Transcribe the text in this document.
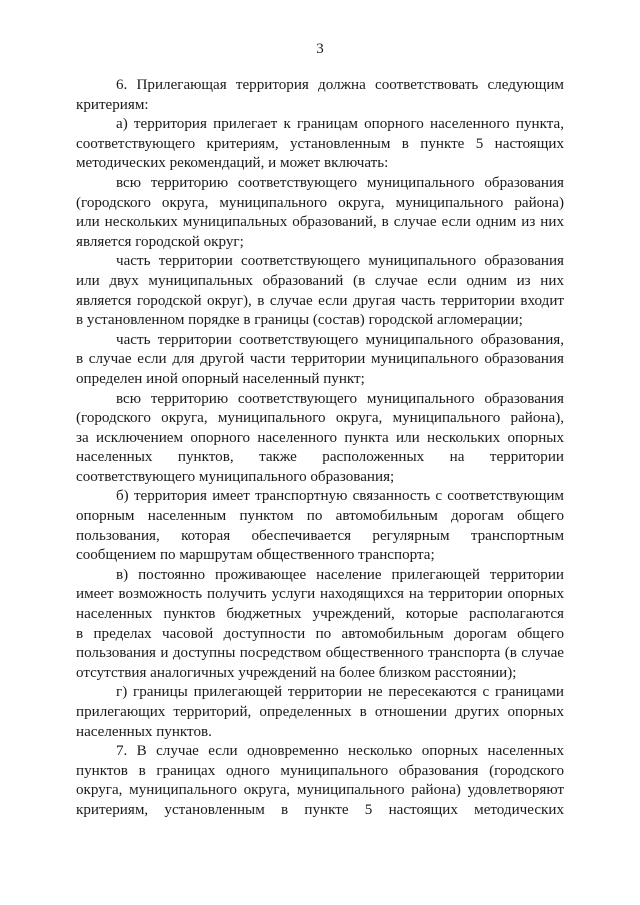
3
6. Прилегающая территория должна соответствовать следующим
критериям:
а) территория прилегает к границам опорного населенного пункта,
соответствующего критериям, установленным в пункте 5 настоящих
методических рекомендаций, и может включать:
всю территорию соответствующего муниципального образования
(городского округа, муниципального округа, муниципального района)
или нескольких муниципальных образований, в случае если одним из них
является городской округ;
часть территории соответствующего муниципального образования
или двух муниципальных образований (в случае если одним из них
является городской округ), в случае если другая часть территории входит
в установленном порядке в границы (состав) городской агломерации;
часть территории соответствующего муниципального образования,
в случае если для другой части территории муниципального образования
определен иной опорный населенный пункт;
всю территорию соответствующего муниципального образования
(городского округа, муниципального округа, муниципального района),
за исключением опорного населенного пункта или нескольких опорных
населенных пунктов, также расположенных на территории
соответствующего муниципального образования;
б) территория имеет транспортную связанность с соответствующим
опорным населенным пунктом по автомобильным дорогам общего
пользования, которая обеспечивается регулярным транспортным
сообщением по маршрутам общественного транспорта;
в) постоянно проживающее население прилегающей территории
имеет возможность получить услуги находящихся на территории опорных
населенных пунктов бюджетных учреждений, которые располагаются
в пределах часовой доступности по автомобильным дорогам общего
пользования и доступны посредством общественного транспорта (в случае
отсутствия аналогичных учреждений на более близком расстоянии);
г) границы прилегающей территории не пересекаются с границами
прилегающих территорий, определенных в отношении других опорных
населенных пунктов.
7. В случае если одновременно несколько опорных населенных
пунктов в границах одного муниципального образования (городского
округа, муниципального округа, муниципального района) удовлетворяют
критериям, установленным в пункте 5 настоящих методических
